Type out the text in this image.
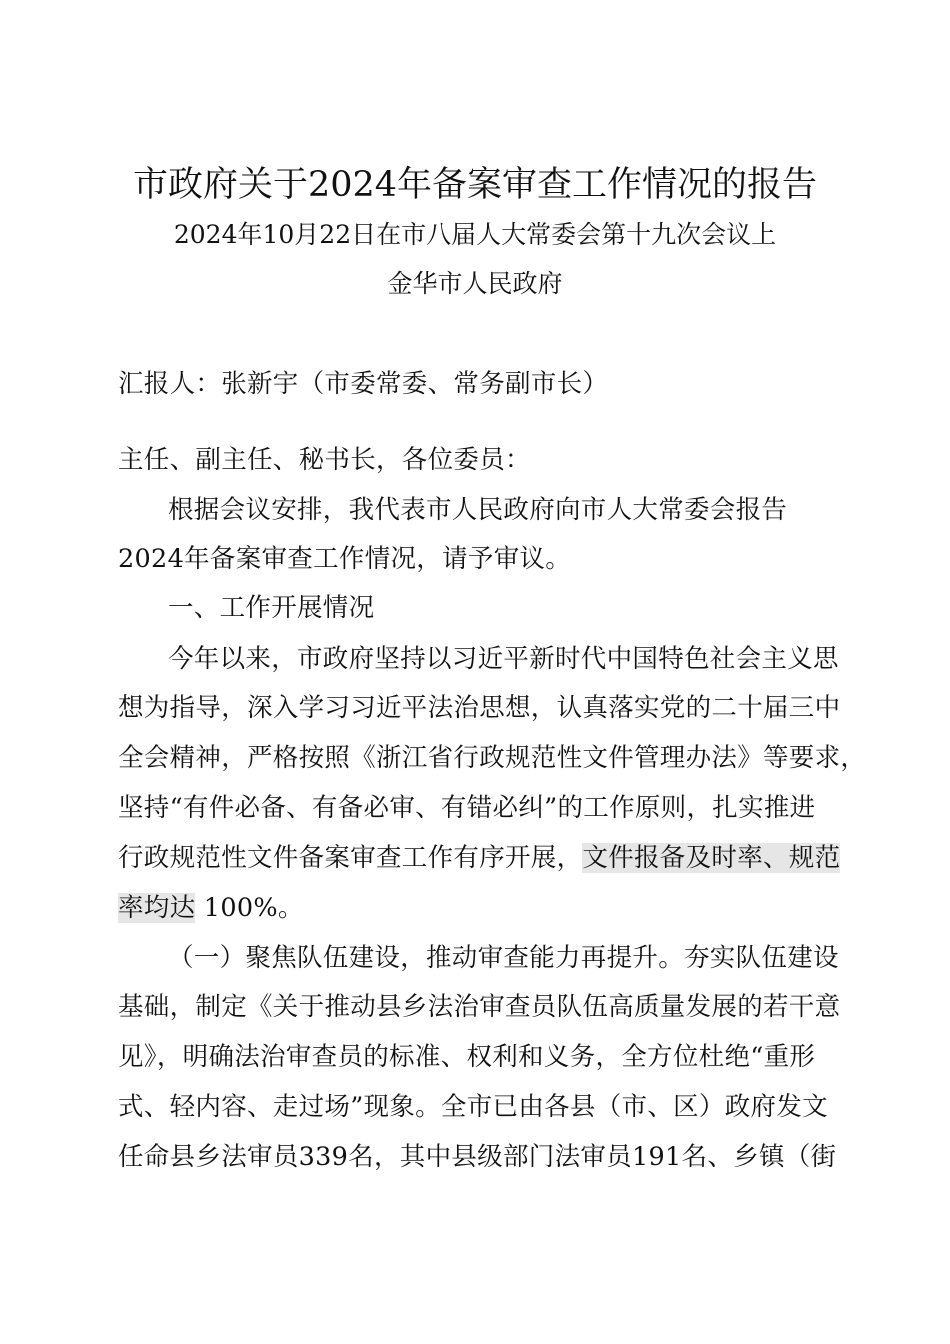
市政府关于2024年备案审查工作情况的报告
2024年10月22日在市八届人大常委会第十九次会议上
金华市人民政府
汇报人：张新宇（市委常委、常务副市长）
主任、副主任、秘书长，各位委员：
根据会议安排，我代表市人民政府向市人大常委会报告
2024年备案审查工作情况，请予审议。
一、工作开展情况
今年以来，市政府坚持以习近平新时代中国特色社会主义思
想为指导，深入学习习近平法治思想，认真落实党的二十届三中
全会精神，严格按照《浙江省行政规范性文件管理办法》等要求，
坚持“有件必备、有备必审、有错必纠”的工作原则，扎实推进
行政规范性文件备案审查工作有序开展，文件报备及时率、规范
率均达 100%。
（一）聚焦队伍建设，推动审查能力再提升。夯实队伍建设
基础，制定《关于推动县乡法治审查员队伍高质量发展的若干意
见》，明确法治审查员的标准、权利和义务，全方位杜绝“重形
式、轻内容、走过场”现象。全市已由各县（市、区）政府发文
任命县乡法审员339名，其中县级部门法审员191名、乡镇（街
